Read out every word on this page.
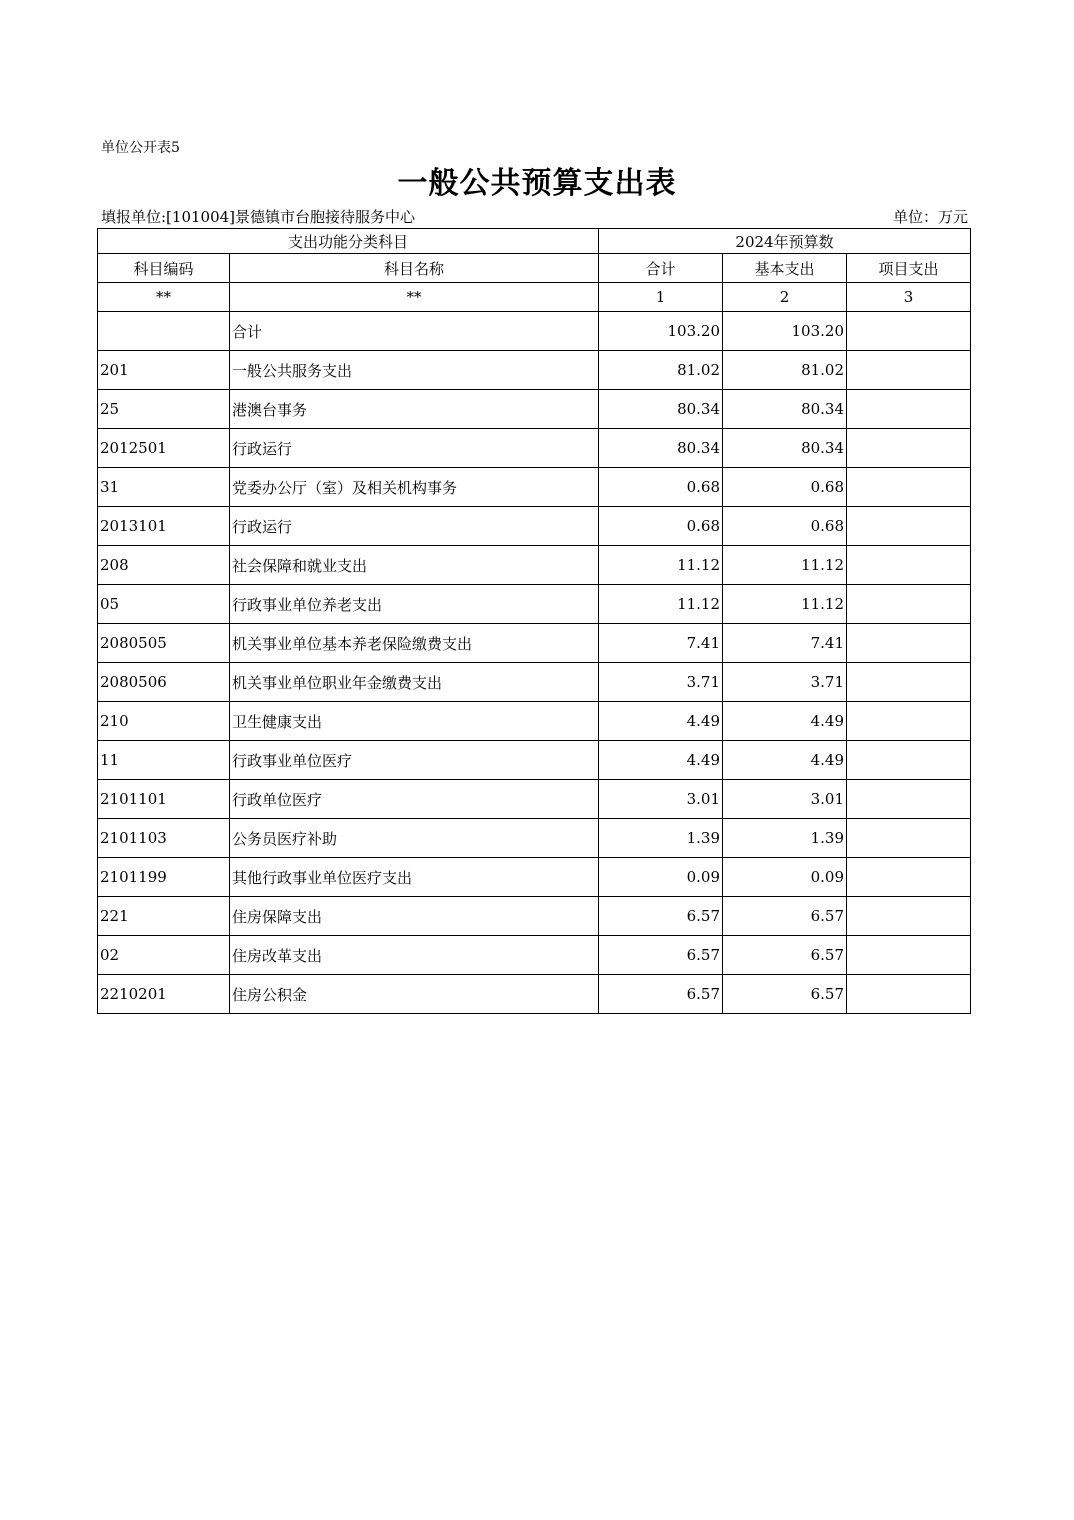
单位公开表5
一般公共预算支出表
填报单位:[101004]景德镇市台胞接待服务中心	单位：万元
支出功能分类科目		2024年预算数		
科目编码	科目名称	合计	基本支出	项目支出
**	**	1	2	3
	合计	103.20	103.20	
201	一般公共服务支出	81.02	81.02	
25	港澳台事务	80.34	80.34	
2012501	行政运行	80.34	80.34	
31	党委办公厅（室）及相关机构事务	0.68	0.68	
2013101	行政运行	0.68	0.68	
208	社会保障和就业支出	11.12	11.12	
05	行政事业单位养老支出	11.12	11.12	
2080505	机关事业单位基本养老保险缴费支出	7.41	7.41	
2080506	机关事业单位职业年金缴费支出	3.71	3.71	
210	卫生健康支出	4.49	4.49	
11	行政事业单位医疗	4.49	4.49	
2101101	行政单位医疗	3.01	3.01	
2101103	公务员医疗补助	1.39	1.39	
2101199	其他行政事业单位医疗支出	0.09	0.09	
221	住房保障支出	6.57	6.57	
02	住房改革支出	6.57	6.57	
2210201	住房公积金	6.57	6.57	
